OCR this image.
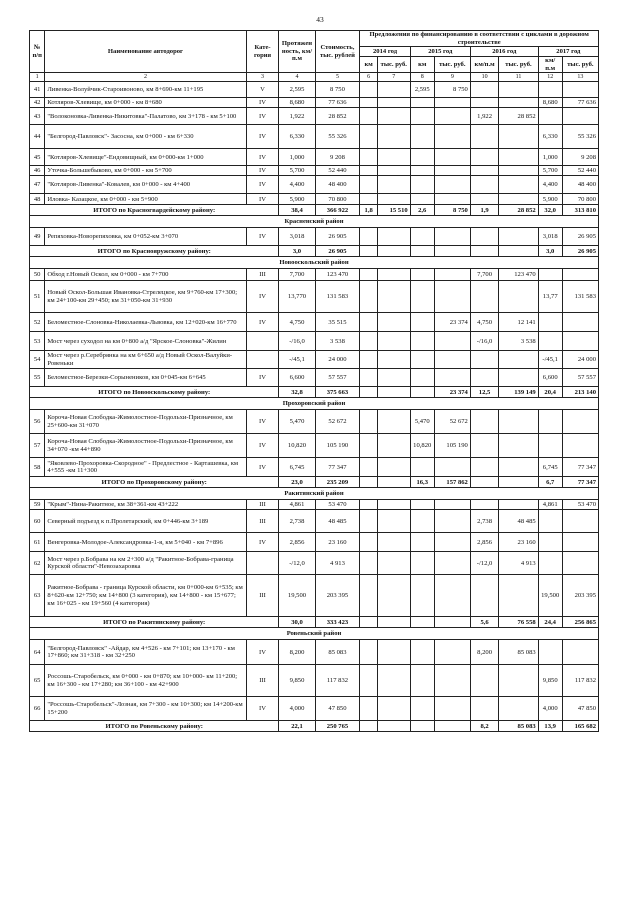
43
№ п/п	Наименование автодорог	Кате- гория	Протяжен ность, км/п.м	Стоимость, тыс. рублей	Предложения по финансированию в соответствии с циклами в дорожном строительстве							
					2014 год		2015 год		2016 год		2017 год	
					км	тыс. руб.	км	тыс. руб.	км/п.м	тыс. руб.	км/п.м	тыс. руб.
1	2	3	4	5	6	7	8	9	10	11	12	13
41	Ливенка-Волуйчик-Староивоново, км 8+690-км 11+195	V	2,595	8 750			2,595	8 750				
42	Котляров-Хлевище, км 0+000 - км 8+680	IV	8,680	77 636							8,680	77 636
43	"Волоконовка-Ливенка-Никитовка"-Палатово, км 3+178 - км 5+100	IV	1,922	28 852					1,922	28 852		
44	"Белгород-Павловск"- Засосна, км 0+000 - км 6+330	IV	6,330	55 326							6,330	55 326
45	"Котляров-Хлевище"-Ендовищный, км 0+000-км 1+000	IV	1,000	9 208							1,000	9 208
46	Уточка-Большебыково, км 0+000 - км 5+700	IV	5,700	52 440							5,700	52 440
47	"Котляров-Ливенка"-Ковалев, км 0+000 - км 4+400	IV	4,400	48 400							4,400	48 400
48	Иловка- Казацкое, км 0+000 - км 5+900	IV	5,900	70 800							5,900	70 800
ИТОГО по Красногвардейскому району:			38,4	366 922	1,8	15 510	2,6	8 750	1,9	28 852	32,0	313 810
Красненский район												
49	Репяховка-Новорепяховка, км 0+052-км 3+070	IV	3,018	26 905							3,018	26 905
ИТОГО по Краснояружскому району:			3,0	26 905							3,0	26 905
Новооскольский район												
50	Обход г.Новый Оскол, км 0+000 - км 7+700	III	7,700	123 470					7,700	123 470		
51	Новый Оскол-Большая Ивановка-Стрелецкое, км 9+760-км 17+300; км 24+100-км 29+450; км 31+050-км 31+930	IV	13,770	131 583							13,77	131 583
52	Беломестное-Слоновка-Николаевка-Львовка, км 12+020-км 16+770	IV	4,750	35 515				23 374	4,750	12 141		
53	Мост через суходол на км 0+800 а/д "Ярское-Слоновка"-Жилин		-/16,0	3 538					-/16,0	3 538		
54	Мост через р.Серебрянка на км 6+650 а/д Новый Оскол-Валуйки-Ровеньки		-/45,1	24 000							-/45,1	24 000
55	Беломестное-Березки-Сорынеников, км 0+045-км 6+645	IV	6,600	57 557							6,600	57 557
ИТОГО по Новооскольскому району:			32,8	375 663				23 374	12,5	139 149	20,4	213 140
Прохоровский район												
56	Корoча-Новая Слободка-Жимолостное-Подольхи-Призначное, км 25+600-км 31+070	IV	5,470	52 672			5,470	52 672				
57	Корoча-Новая Слободка-Жимолостное-Подольхи-Призначное, км 34+070 -км 44+890	IV	10,820	105 190			10,820	105 190				
58	"Яковлево-Прохоровка-Скородное" - Предлестное - Карташевка, км 4+555 -км 11+300	IV	6,745	77 347							6,745	77 347
ИТОГО по Прохоровскому району:			23,0	235 209			16,3	157 862			6,7	77 347
Ракитянский район												
59	"Крым"-Нина-Ракитное, км 38+361-км 43+222	III	4,861	53 470							4,861	53 470
60	Северный подъезд к п.Пролетарский, км 0+446-км 3+189	III	2,738	48 485					2,738	48 485		
61	Венгеровка-Молодое-Александровка-1-я, км 5+040 - км 7+896	IV	2,856	23 160					2,856	23 160		
62	Мост через р.Бобрава на км 2+300 а/д "Ракитное-Бобрава-граница Курской области"-Невозахаровка		-/12,0	4 913					-/12,0	4 913		
63	Ракитное-Бобрава - граница Курской области, км 0+000-км 6+535; км 8+620-км 12+750; км 14+800 (3 категория), км 14+800 - км 15+677; км 16+025 - км 19+560 (4 категория)	III	19,500	203 395							19,500	203 395
ИТОГО по Ракитянскому району:			30,0	333 423					5,6	76 558	24,4	256 865
Ровеньский район												
64	"Белгород-Павловск" -Айдар, км 4+526 - км 7+101; км 13+170 - км 17+860; км 31+318 - км 32+250	IV	8,200	85 083					8,200	85 083		
65	Россошь-Старобельск, км 0+000 - км 0+870; км 10+000- км 11+200; км 16+300 - км 17+280; км 36+100 - км 42+900	III	9,850	117 832							9,850	117 832
66	"Россошь-Старобельск"-Лозная, км 7+300 - км 10+300; км 14+200-км 15+200	IV	4,000	47 850							4,000	47 850
ИТОГО по Ровеньскому району:			22,1	250 765					8,2	85 083	13,9	165 682
